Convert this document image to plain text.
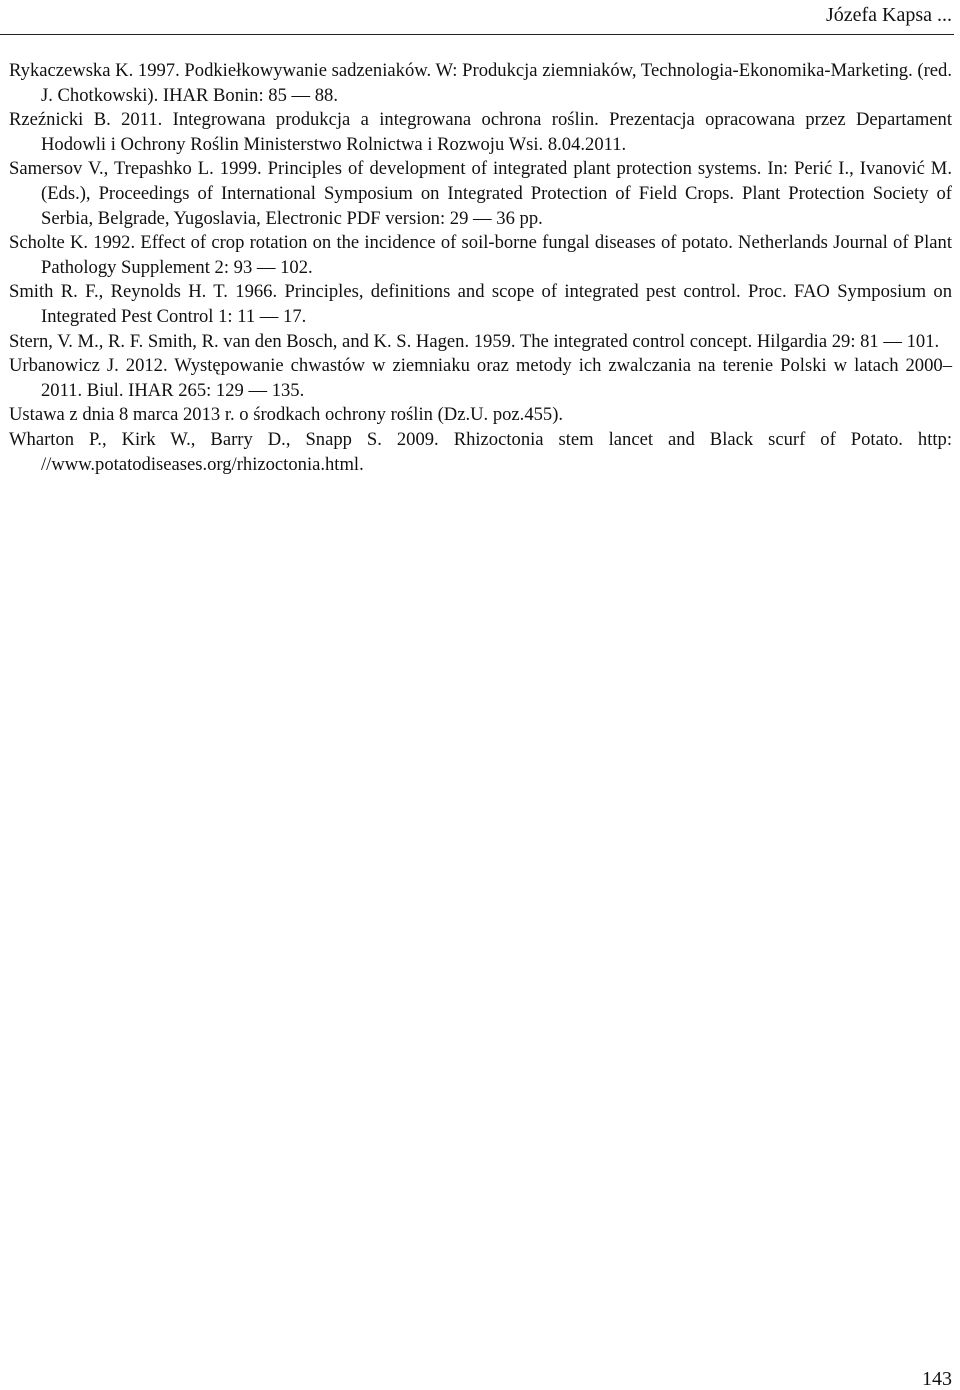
Józefa Kapsa ...

Rykaczewska K. 1997. Podkiełkowywanie sadzeniaków. W: Produkcja ziemniaków, Technologia-Ekonomika-Marketing. (red. J. Chotkowski). IHAR Bonin: 85 — 88.

Rzeźnicki B. 2011. Integrowana produkcja a integrowana ochrona roślin. Prezentacja opracowana przez Departament Hodowli i Ochrony Roślin Ministerstwo Rolnictwa i Rozwoju Wsi. 8.04.2011.

Samersov V., Trepashko L. 1999. Principles of development of integrated plant protection systems. In: Perić I., Ivanović M. (Eds.), Proceedings of International Symposium on Integrated Protection of Field Crops. Plant Protection Society of Serbia, Belgrade, Yugoslavia, Electronic PDF version: 29 — 36 pp.

Scholte K. 1992. Effect of crop rotation on the incidence of soil-borne fungal diseases of potato. Netherlands Journal of Plant Pathology Supplement 2: 93 — 102.

Smith R. F., Reynolds H. T. 1966. Principles, definitions and scope of integrated pest control. Proc. FAO Symposium on Integrated Pest Control 1: 11 — 17.

Stern, V. M., R. F. Smith, R. van den Bosch, and K. S. Hagen. 1959. The integrated control concept. Hilgardia 29: 81 — 101.

Urbanowicz J. 2012. Występowanie chwastów w ziemniaku oraz metody ich zwalczania na terenie Polski w latach 2000–2011. Biul. IHAR 265: 129 — 135.

Ustawa z dnia 8 marca 2013 r. o środkach ochrony roślin (Dz.U. poz.455).

Wharton P., Kirk W., Barry D., Snapp S. 2009. Rhizoctonia stem lancet and Black scurf of Potato. http: //www.potatodiseases.org/rhizoctonia.html.

143
